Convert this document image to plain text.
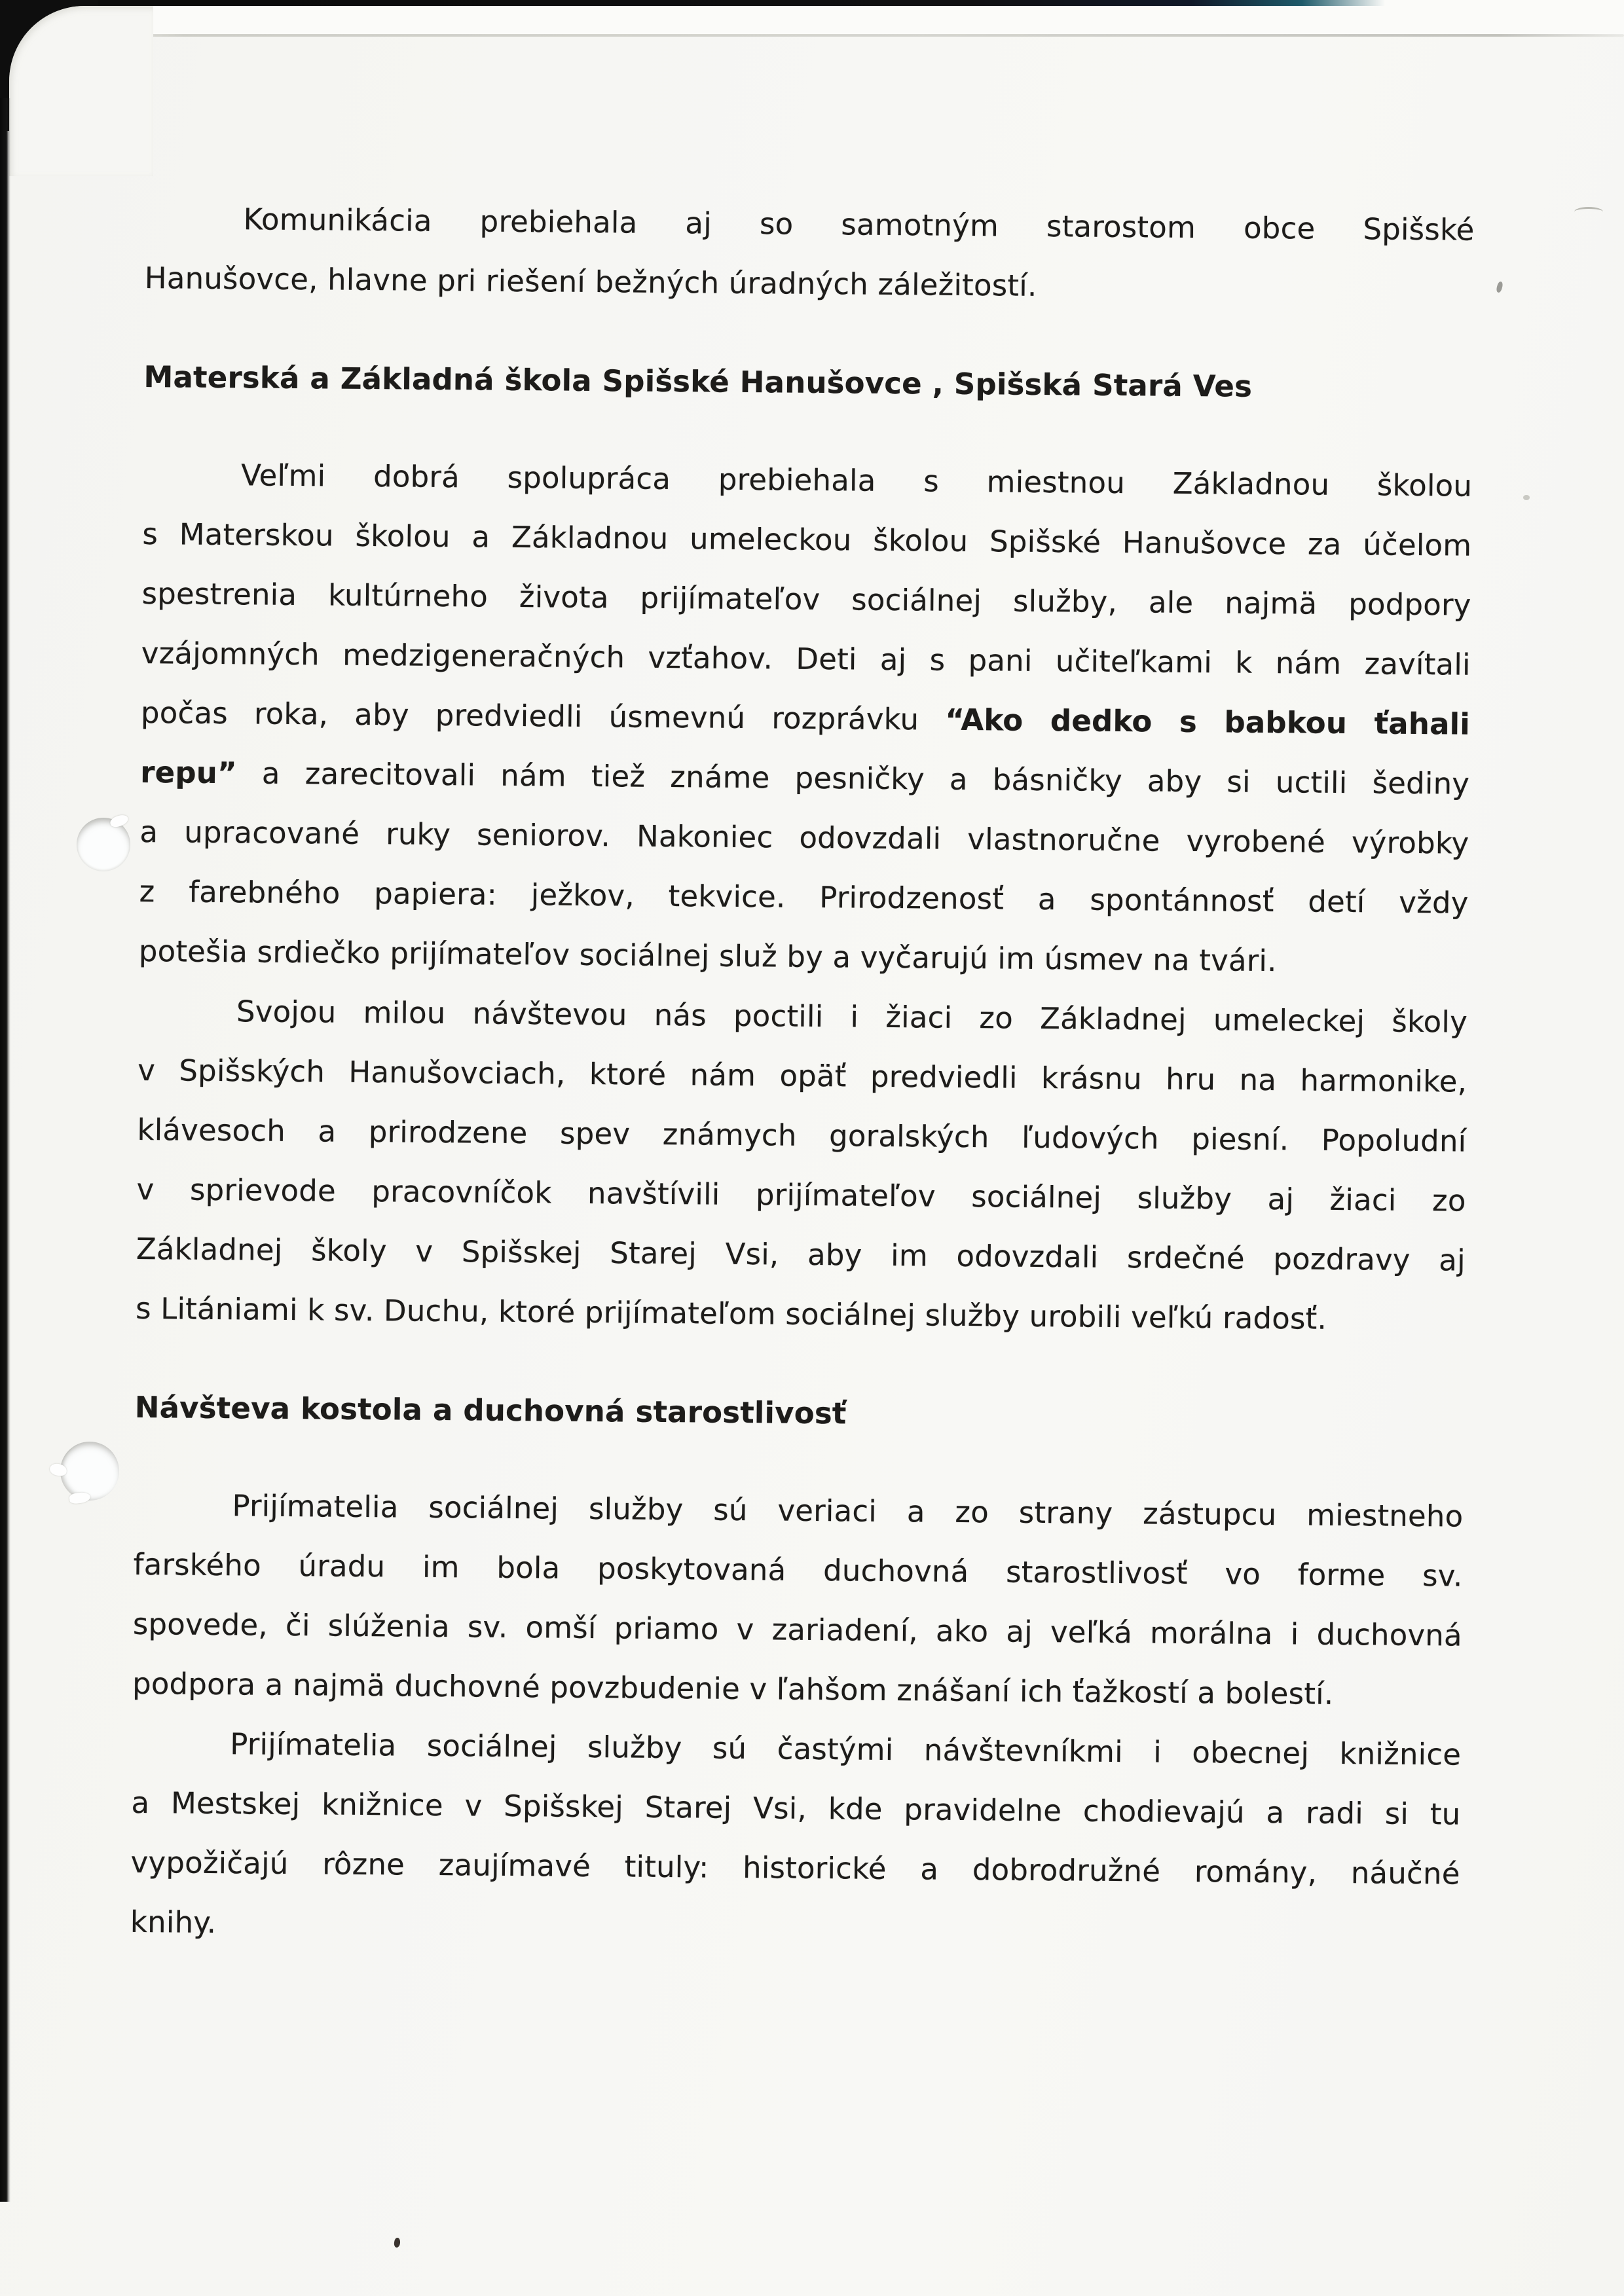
Komunikácia prebiehala aj so samotným starostom obce Spišské
Hanušovce, hlavne pri riešení bežných úradných záležitostí.
Materská a Základná škola Spišské Hanušovce , Spišská Stará Ves
Veľmi dobrá spolupráca prebiehala s miestnou Základnou školou
s Materskou školou a Základnou umeleckou školou Spišské Hanušovce za účelom
spestrenia kultúrneho života prijímateľov sociálnej služby, ale najmä podpory
vzájomných medzigeneračných vzťahov. Deti aj s pani učiteľkami k nám zavítali
počas roka, aby predviedli úsmevnú rozprávku “Ako dedko s babkou ťahali
repu” a zarecitovali nám tiež známe pesničky a básničky aby si uctili šediny
a upracované ruky seniorov. Nakoniec odovzdali vlastnoručne vyrobené výrobky
z farebného papiera: ježkov, tekvice. Prirodzenosť a spontánnosť detí vždy
potešia srdiečko prijímateľov sociálnej služ by a vyčarujú im úsmev na tvári.
Svojou milou návštevou nás poctili i žiaci zo Základnej umeleckej školy
v Spišských Hanušovciach, ktoré nám opäť predviedli krásnu hru na harmonike,
klávesoch a prirodzene spev známych goralských ľudových piesní. Popoludní
v sprievode pracovníčok navštívili prijímateľov sociálnej služby aj žiaci zo
Základnej školy v Spišskej Starej Vsi, aby im odovzdali srdečné pozdravy aj
s Litániami k sv. Duchu, ktoré prijímateľom sociálnej služby urobili veľkú radosť.
Návšteva kostola a duchovná starostlivosť
Prijímatelia sociálnej služby sú veriaci a zo strany zástupcu miestneho
farského úradu im bola poskytovaná duchovná starostlivosť vo forme sv.
spovede, či slúženia sv. omší priamo v zariadení, ako aj veľká morálna i duchovná
podpora a najmä duchovné povzbudenie v ľahšom znášaní ich ťažkostí a bolestí.
Prijímatelia sociálnej služby sú častými návštevníkmi i obecnej knižnice
a Mestskej knižnice v Spišskej Starej Vsi, kde pravidelne chodievajú a radi si tu
vypožičajú rôzne zaujímavé tituly: historické a dobrodružné romány, náučné
knihy.
